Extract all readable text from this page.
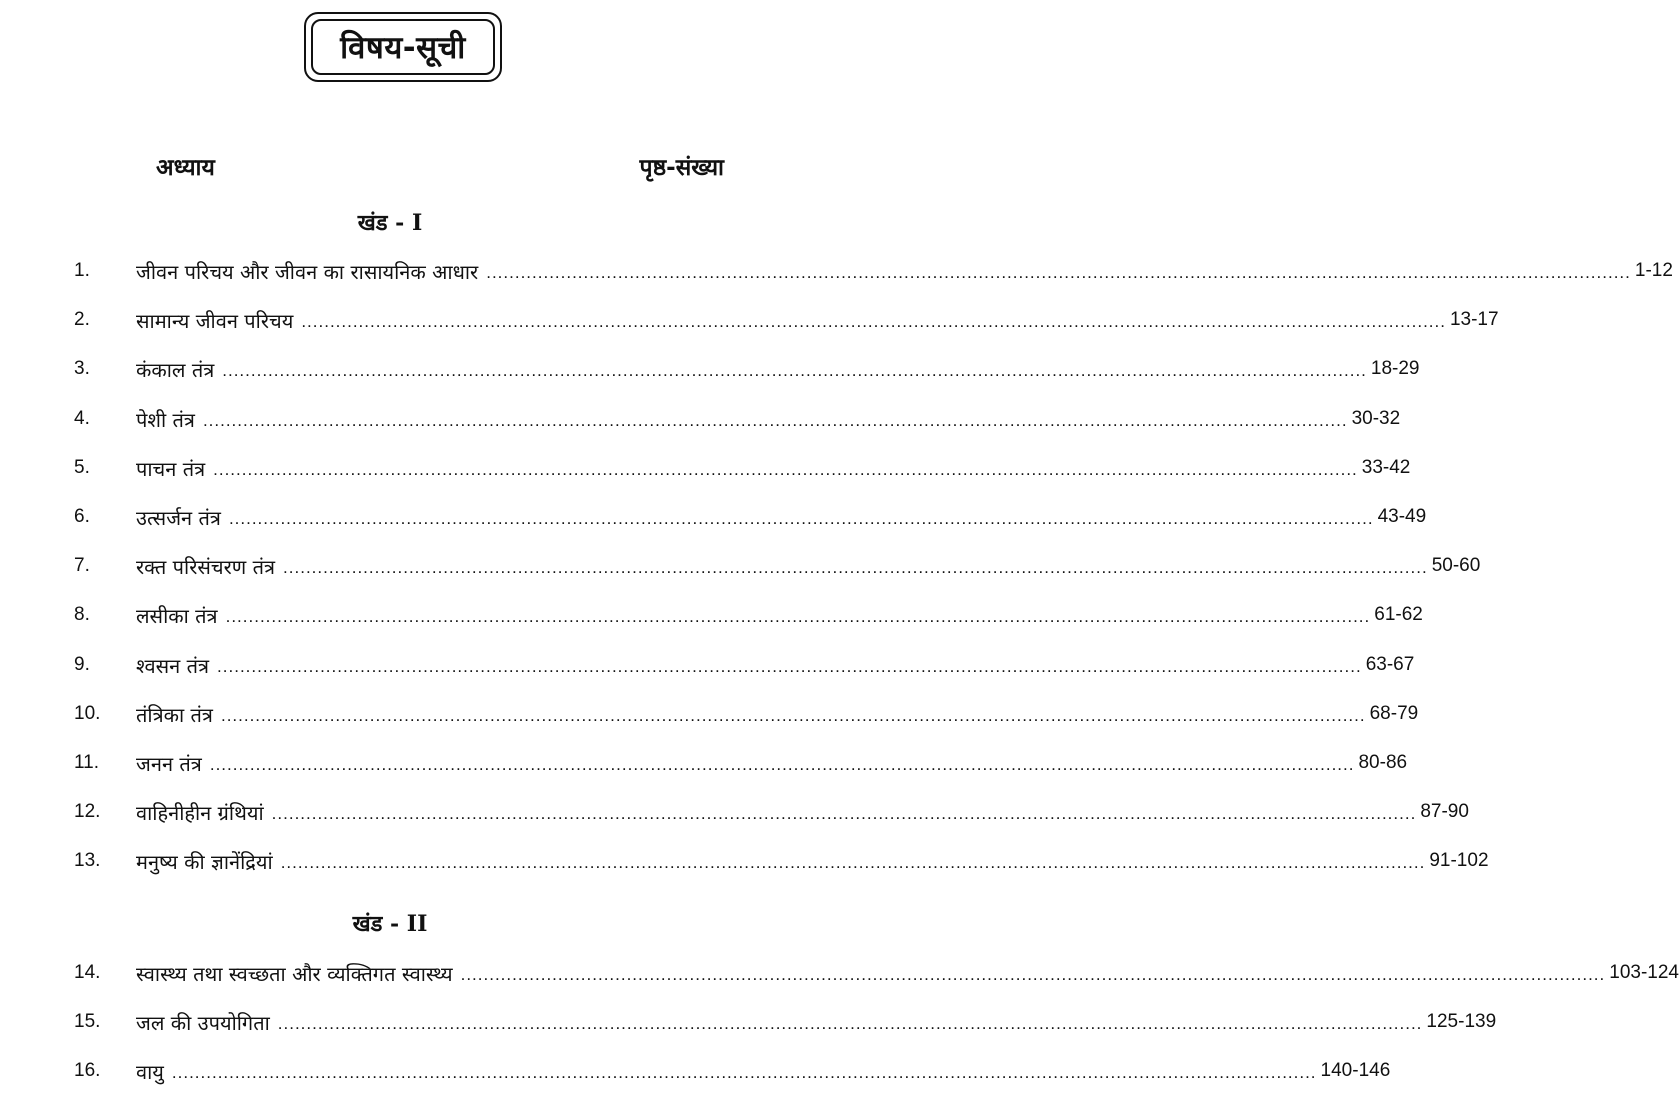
विषय-सूची
अध्याय	पृष्ठ-संख्या
खंड - I
1.	जीवन परिचय और जीवन का रासायनिक आधार ........................................................................................................................................................................................................ 1-12
2.	सामान्य जीवन परिचय ........................................................................................................................................................................................................ 13-17
3.	कंकाल तंत्र ........................................................................................................................................................................................................ 18-29
4.	पेशी तंत्र ........................................................................................................................................................................................................ 30-32
5.	पाचन तंत्र ........................................................................................................................................................................................................ 33-42
6.	उत्सर्जन तंत्र ........................................................................................................................................................................................................ 43-49
7.	रक्त परिसंचरण तंत्र ........................................................................................................................................................................................................ 50-60
8.	लसीका तंत्र ........................................................................................................................................................................................................ 61-62
9.	श्वसन तंत्र ........................................................................................................................................................................................................ 63-67
10.	तंत्रिका तंत्र ........................................................................................................................................................................................................ 68-79
11.	जनन तंत्र ........................................................................................................................................................................................................ 80-86
12.	वाहिनीहीन ग्रंथियां ........................................................................................................................................................................................................ 87-90
13.	मनुष्य की ज्ञानेंद्रियां ........................................................................................................................................................................................................ 91-102
खंड - II
14.	स्वास्थ्य तथा स्वच्छता और व्यक्तिगत स्वास्थ्य ........................................................................................................................................................................................................ 103-124
15.	जल की उपयोगिता ........................................................................................................................................................................................................ 125-139
16.	वायु ........................................................................................................................................................................................................ 140-146
